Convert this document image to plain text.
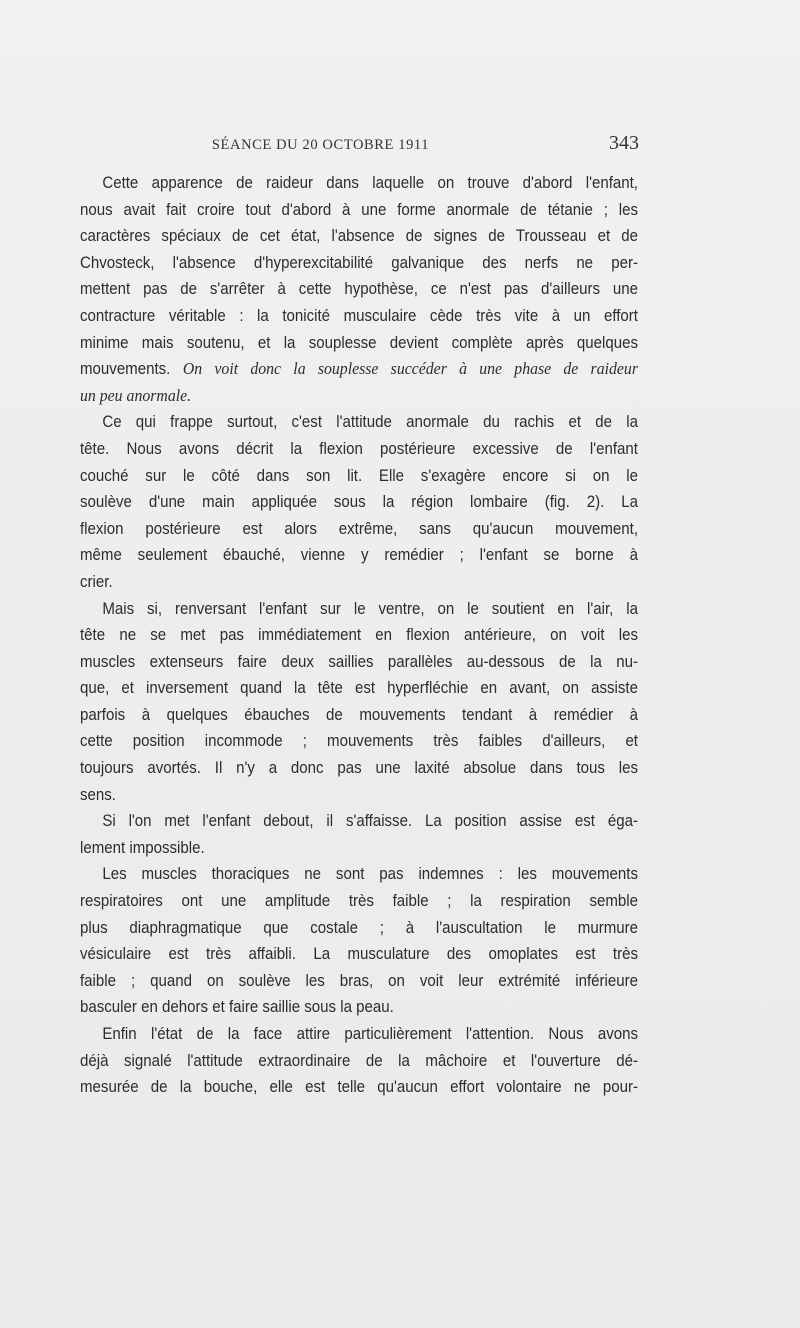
SÉANCE DU 20 OCTOBRE 1911	343
Cette apparence de raideur dans laquelle on trouve d'abord l'enfant,
nous avait fait croire tout d'abord à une forme anormale de tétanie ; les
caractères spéciaux de cet état, l'absence de signes de Trousseau et de
Chvosteck, l'absence d'hyperexcitabilité galvanique des nerfs ne per-
mettent pas de s'arrêter à cette hypothèse, ce n'est pas d'ailleurs une
contracture véritable : la tonicité musculaire cède très vite à un effort
minime mais soutenu, et la souplesse devient complète après quelques
mouvements. On voit donc la souplesse succéder à une phase de raideur
un peu anormale.
Ce qui frappe surtout, c'est l'attitude anormale du rachis et de la
tête. Nous avons décrit la flexion postérieure excessive de l'enfant
couché sur le côté dans son lit. Elle s'exagère encore si on le
soulève d'une main appliquée sous la région lombaire (fig. 2). La
flexion postérieure est alors extrême, sans qu'aucun mouvement,
même seulement ébauché, vienne y remédier ; l'enfant se borne à
crier.
Mais si, renversant l'enfant sur le ventre, on le soutient en l'air, la
tête ne se met pas immédiatement en flexion antérieure, on voit les
muscles extenseurs faire deux saillies parallèles au-dessous de la nu-
que, et inversement quand la tête est hyperfléchie en avant, on assiste
parfois à quelques ébauches de mouvements tendant à remédier à
cette position incommode ; mouvements très faibles d'ailleurs, et
toujours avortés. Il n'y a donc pas une laxité absolue dans tous les
sens.
Si l'on met l'enfant debout, il s'affaisse. La position assise est éga-
lement impossible.
Les muscles thoraciques ne sont pas indemnes : les mouvements
respiratoires ont une amplitude très faible ; la respiration semble
plus diaphragmatique que costale ; à l'auscultation le murmure
vésiculaire est très affaibli. La musculature des omoplates est très
faible ; quand on soulève les bras, on voit leur extrémité inférieure
basculer en dehors et faire saillie sous la peau.
Enfin l'état de la face attire particulièrement l'attention. Nous avons
déjà signalé l'attitude extraordinaire de la mâchoire et l'ouverture dé-
mesurée de la bouche, elle est telle qu'aucun effort volontaire ne pour-
